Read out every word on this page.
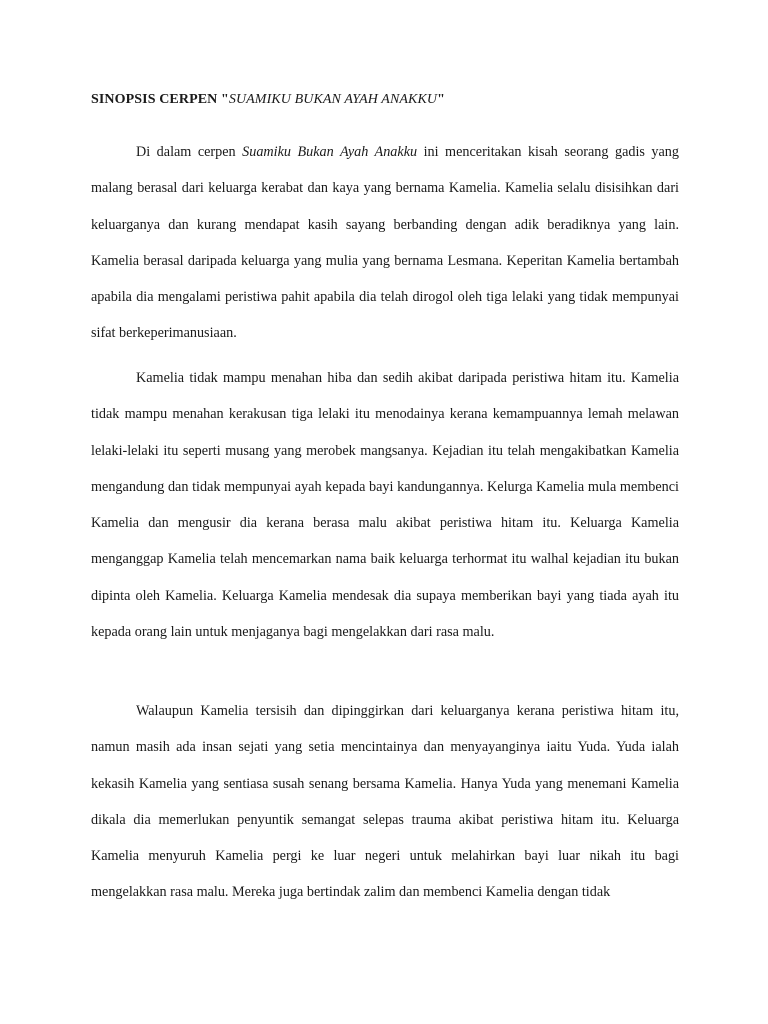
SINOPSIS CERPEN "SUAMIKU BUKAN AYAH ANAKKU"

Di dalam cerpen Suamiku Bukan Ayah Anakku ini menceritakan kisah seorang gadis yang malang berasal dari keluarga kerabat dan kaya yang bernama Kamelia. Kamelia selalu disisihkan dari keluarganya dan kurang mendapat kasih sayang berbanding dengan adik beradiknya yang lain. Kamelia berasal daripada keluarga yang mulia yang bernama Lesmana. Keperitan Kamelia bertambah apabila dia mengalami peristiwa pahit apabila dia telah dirogol oleh tiga lelaki yang tidak mempunyai sifat berkeperimanusiaan.

Kamelia tidak mampu menahan hiba dan sedih akibat daripada peristiwa hitam itu. Kamelia tidak mampu menahan kerakusan tiga lelaki itu menodainya kerana kemampuannya lemah melawan lelaki-lelaki itu seperti musang yang merobek mangsanya. Kejadian itu telah mengakibatkan Kamelia mengandung dan tidak mempunyai ayah kepada bayi kandungannya. Kelurga Kamelia mula membenci Kamelia dan mengusir dia kerana berasa malu akibat peristiwa hitam itu. Keluarga Kamelia menganggap Kamelia telah mencemarkan nama baik keluarga terhormat itu walhal kejadian itu bukan dipinta oleh Kamelia. Keluarga Kamelia mendesak dia supaya memberikan bayi yang tiada ayah itu kepada orang lain untuk menjaganya bagi mengelakkan dari rasa malu.

Walaupun Kamelia tersisih dan dipinggirkan dari keluarganya kerana peristiwa hitam itu, namun masih ada insan sejati yang setia mencintainya dan menyayanginya iaitu Yuda. Yuda ialah kekasih Kamelia yang sentiasa susah senang bersama Kamelia. Hanya Yuda yang menemani Kamelia dikala dia memerlukan penyuntik semangat selepas trauma akibat peristiwa hitam itu. Keluarga Kamelia menyuruh Kamelia pergi ke luar negeri untuk melahirkan bayi luar nikah itu bagi mengelakkan rasa malu. Mereka juga bertindak zalim dan membenci Kamelia dengan tidak
